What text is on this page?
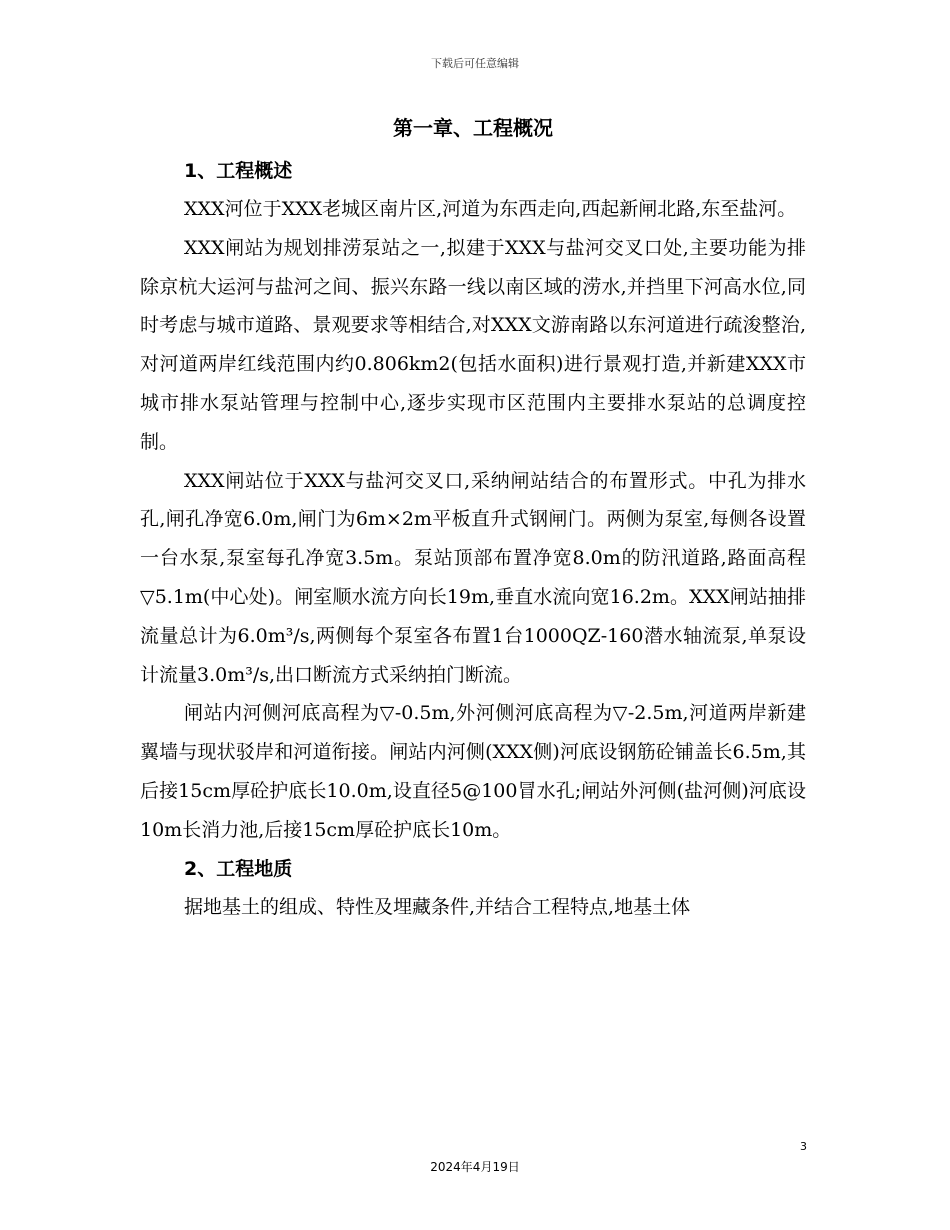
下载后可任意编辑
第一章、工程概况
1、工程概述

XXX河位于XXX老城区南片区,河道为东西走向,西起新闸北路,东至盐河。

XXX闸站为规划排涝泵站之一,拟建于XXX与盐河交叉口处,主要功能为排除京杭大运河与盐河之间、振兴东路一线以南区域的涝水,并挡里下河高水位,同时考虑与城市道路、景观要求等相结合,对XXX文游南路以东河道进行疏浚整治,对河道两岸红线范围内约0.806km2(包括水面积)进行景观打造,并新建XXX市城市排水泵站管理与控制中心,逐步实现市区范围内主要排水泵站的总调度控制。

XXX闸站位于XXX与盐河交叉口,采纳闸站结合的布置形式。中孔为排水孔,闸孔净宽6.0m,闸门为6m×2m平板直升式钢闸门。两侧为泵室,每侧各设置一台水泵,泵室每孔净宽3.5m。泵站顶部布置净宽8.0m的防汛道路,路面高程▽5.1m(中心处)。闸室顺水流方向长19m,垂直水流向宽16.2m。XXX闸站抽排流量总计为6.0m³/s,两侧每个泵室各布置1台1000QZ-160潜水轴流泵,单泵设计流量3.0m³/s,出口断流方式采纳拍门断流。

闸站内河侧河底高程为▽-0.5m,外河侧河底高程为▽-2.5m,河道两岸新建翼墙与现状驳岸和河道衔接。闸站内河侧(XXX侧)河底设钢筋砼铺盖长6.5m,其后接15cm厚砼护底长10.0m,设直径5@100冒水孔;闸站外河侧(盐河侧)河底设10m长消力池,后接15cm厚砼护底长10m。

2、工程地质

据地基土的组成、特性及埋藏条件,并结合工程特点,地基土体

3
2024年4月19日
